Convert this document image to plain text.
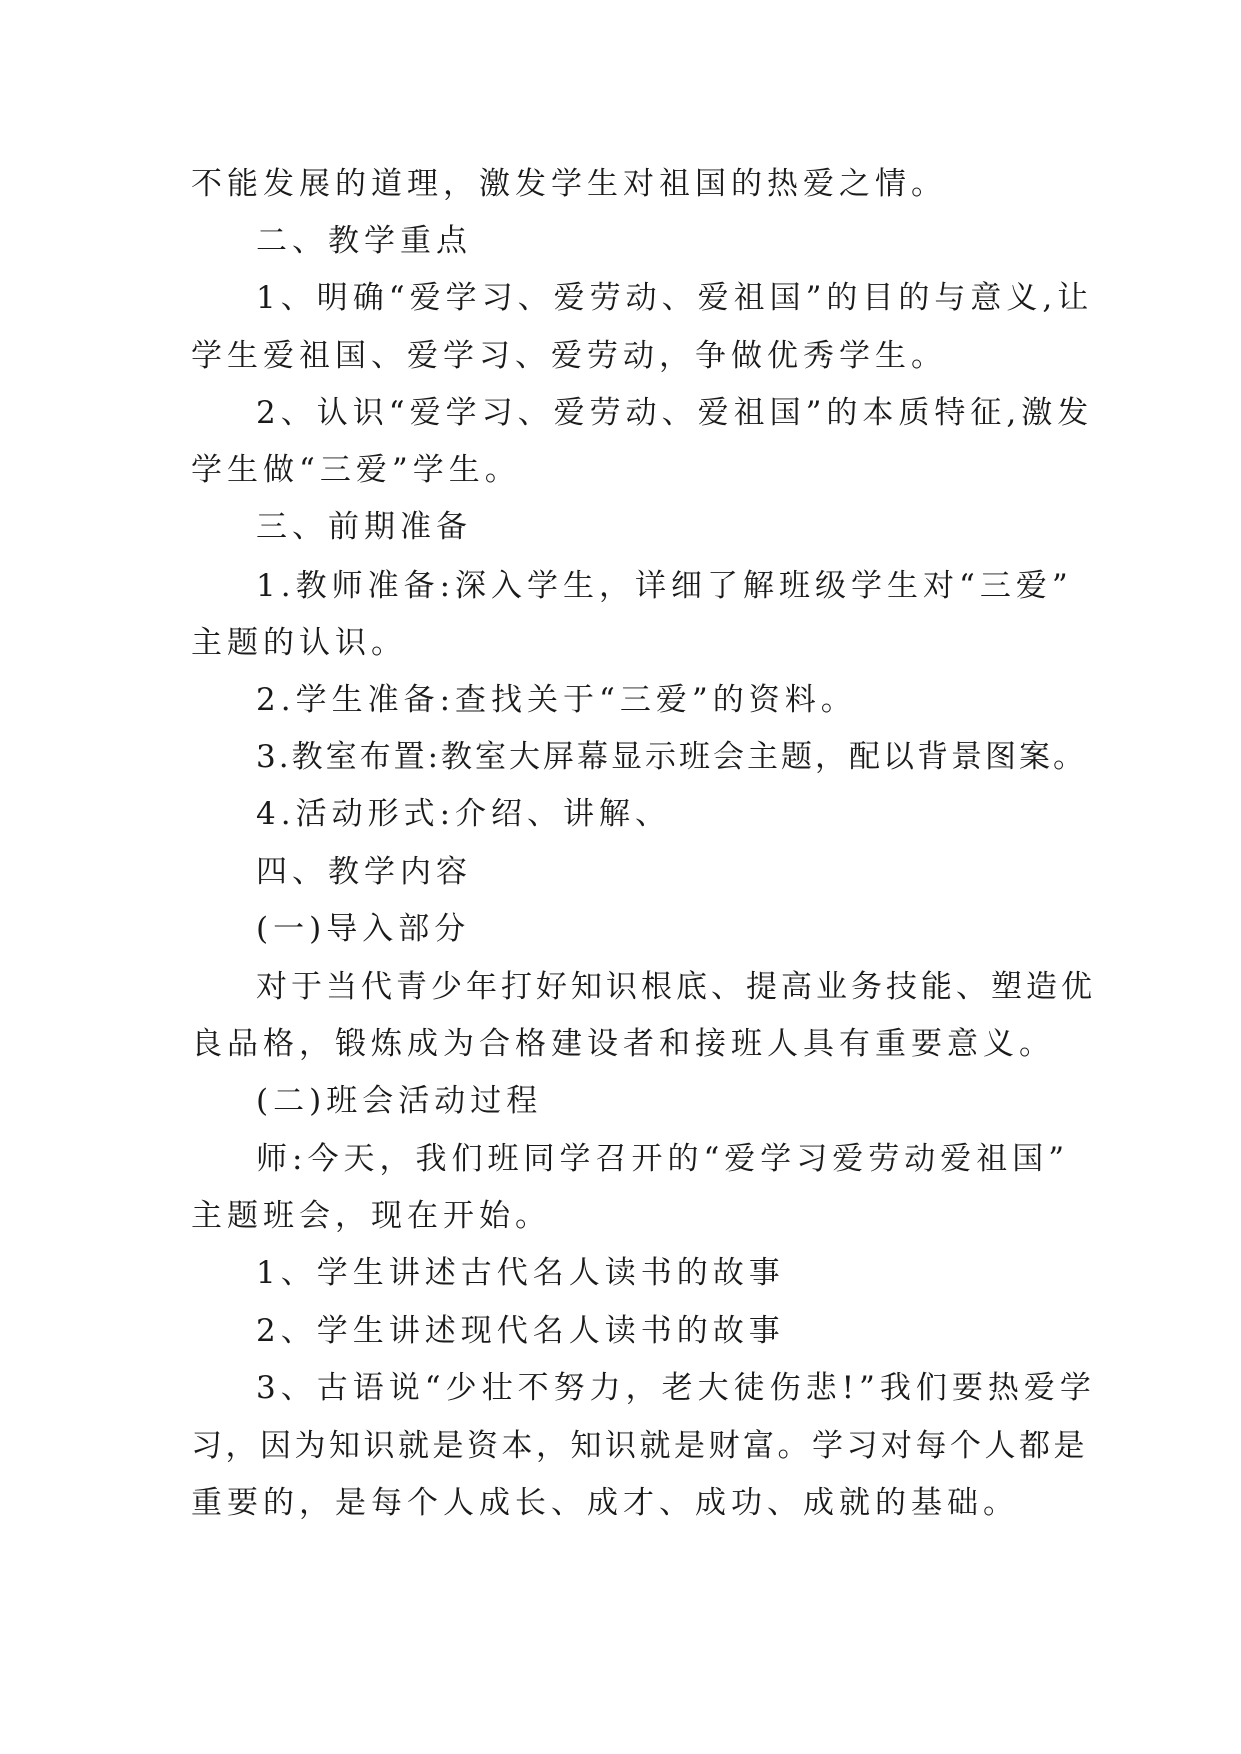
不能发展的道理，激发学生对祖国的热爱之情。
二、教学重点
1、明确“爱学习、爱劳动、爱祖国”的目的与意义,让
学生爱祖国、爱学习、爱劳动，争做优秀学生。
2、认识“爱学习、爱劳动、爱祖国”的本质特征,激发
学生做“三爱”学生。
三、前期准备
1.教师准备:深入学生，详细了解班级学生对“三爱”
主题的认识。
2.学生准备:查找关于“三爱”的资料。
3.教室布置:教室大屏幕显示班会主题，配以背景图案。
4.活动形式:介绍、讲解、
四、教学内容
(一)导入部分
对于当代青少年打好知识根底、提高业务技能、塑造优
良品格，锻炼成为合格建设者和接班人具有重要意义。
(二)班会活动过程
师:今天，我们班同学召开的“爱学习爱劳动爱祖国”
主题班会，现在开始。
1、学生讲述古代名人读书的故事
2、学生讲述现代名人读书的故事
3、古语说“少壮不努力，老大徒伤悲!”我们要热爱学
习，因为知识就是资本，知识就是财富。学习对每个人都是
重要的，是每个人成长、成才、成功、成就的基础。
